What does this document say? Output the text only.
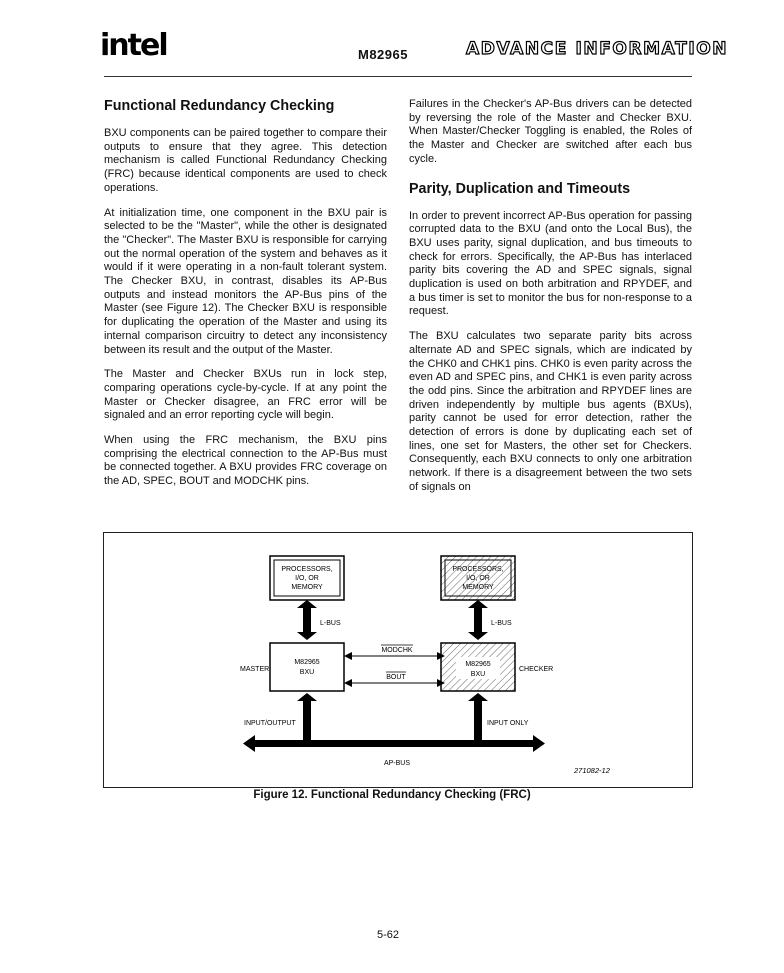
intel	M82965	ADVANCE INFORMATION
Functional Redundancy Checking

BXU components can be paired together to compare their outputs to ensure that they agree. This detection mechanism is called Functional Redundancy Checking (FRC) because identical components are used to check operations.

At initialization time, one component in the BXU pair is selected to be the "Master", while the other is designated the "Checker". The Master BXU is responsible for carrying out the normal operation of the system and behaves as it would if it were operating in a non-fault tolerant system. The Checker BXU, in contrast, disables its AP-Bus outputs and instead monitors the AP-Bus pins of the Master (see Figure 12). The Checker BXU is responsible for duplicating the operation of the Master and using its internal comparison circuitry to detect any inconsistency between its result and the output of the Master.

The Master and Checker BXUs run in lock step, comparing operations cycle-by-cycle. If at any point the Master or Checker disagree, an FRC error will be signaled and an error reporting cycle will begin.

When using the FRC mechanism, the BXU pins comprising the electrical connection to the AP-Bus must be connected together. A BXU provides FRC coverage on the AD, SPEC, BOUT and MODCHK pins.

Failures in the Checker's AP-Bus drivers can be detected by reversing the role of the Master and Checker BXU. When Master/Checker Toggling is enabled, the Roles of the Master and Checker are switched after each bus cycle.

Parity, Duplication and Timeouts

In order to prevent incorrect AP-Bus operation for passing corrupted data to the BXU (and onto the Local Bus), the BXU uses parity, signal duplication, and bus timeouts to check for errors. Specifically, the AP-Bus has interlaced parity bits covering the AD and SPEC signals, signal duplication is used on both arbitration and RPYDEF, and a bus timer is set to monitor the bus for non-response to a request.

The BXU calculates two separate parity bits across alternate AD and SPEC signals, which are indicated by the CHK0 and CHK1 pins. CHK0 is even parity across the even AD and SPEC pins, and CHK1 is even parity across the odd pins. Since the arbitration and RPYDEF lines are driven independently by multiple bus agents (BXUs), parity cannot be used for error detection, rather the detection of errors is done by duplicating each set of lines, one set for Masters, the other set for Checkers. Consequently, each BXU connects to only one arbitration network. If there is a disagreement between the two sets of signals on

PROCESSORS,
I/O, OR
MEMORY
PROCESSORS,
I/O, OR
MEMORY
L-BUS	L-BUS
M82965
BXU
MASTER
M82965
BXU
CHECKER
MODCHK
BOUT
INPUT/OUTPUT	INPUT ONLY
AP-BUS
271082-12
Figure 12. Functional Redundancy Checking (FRC)
5-62
